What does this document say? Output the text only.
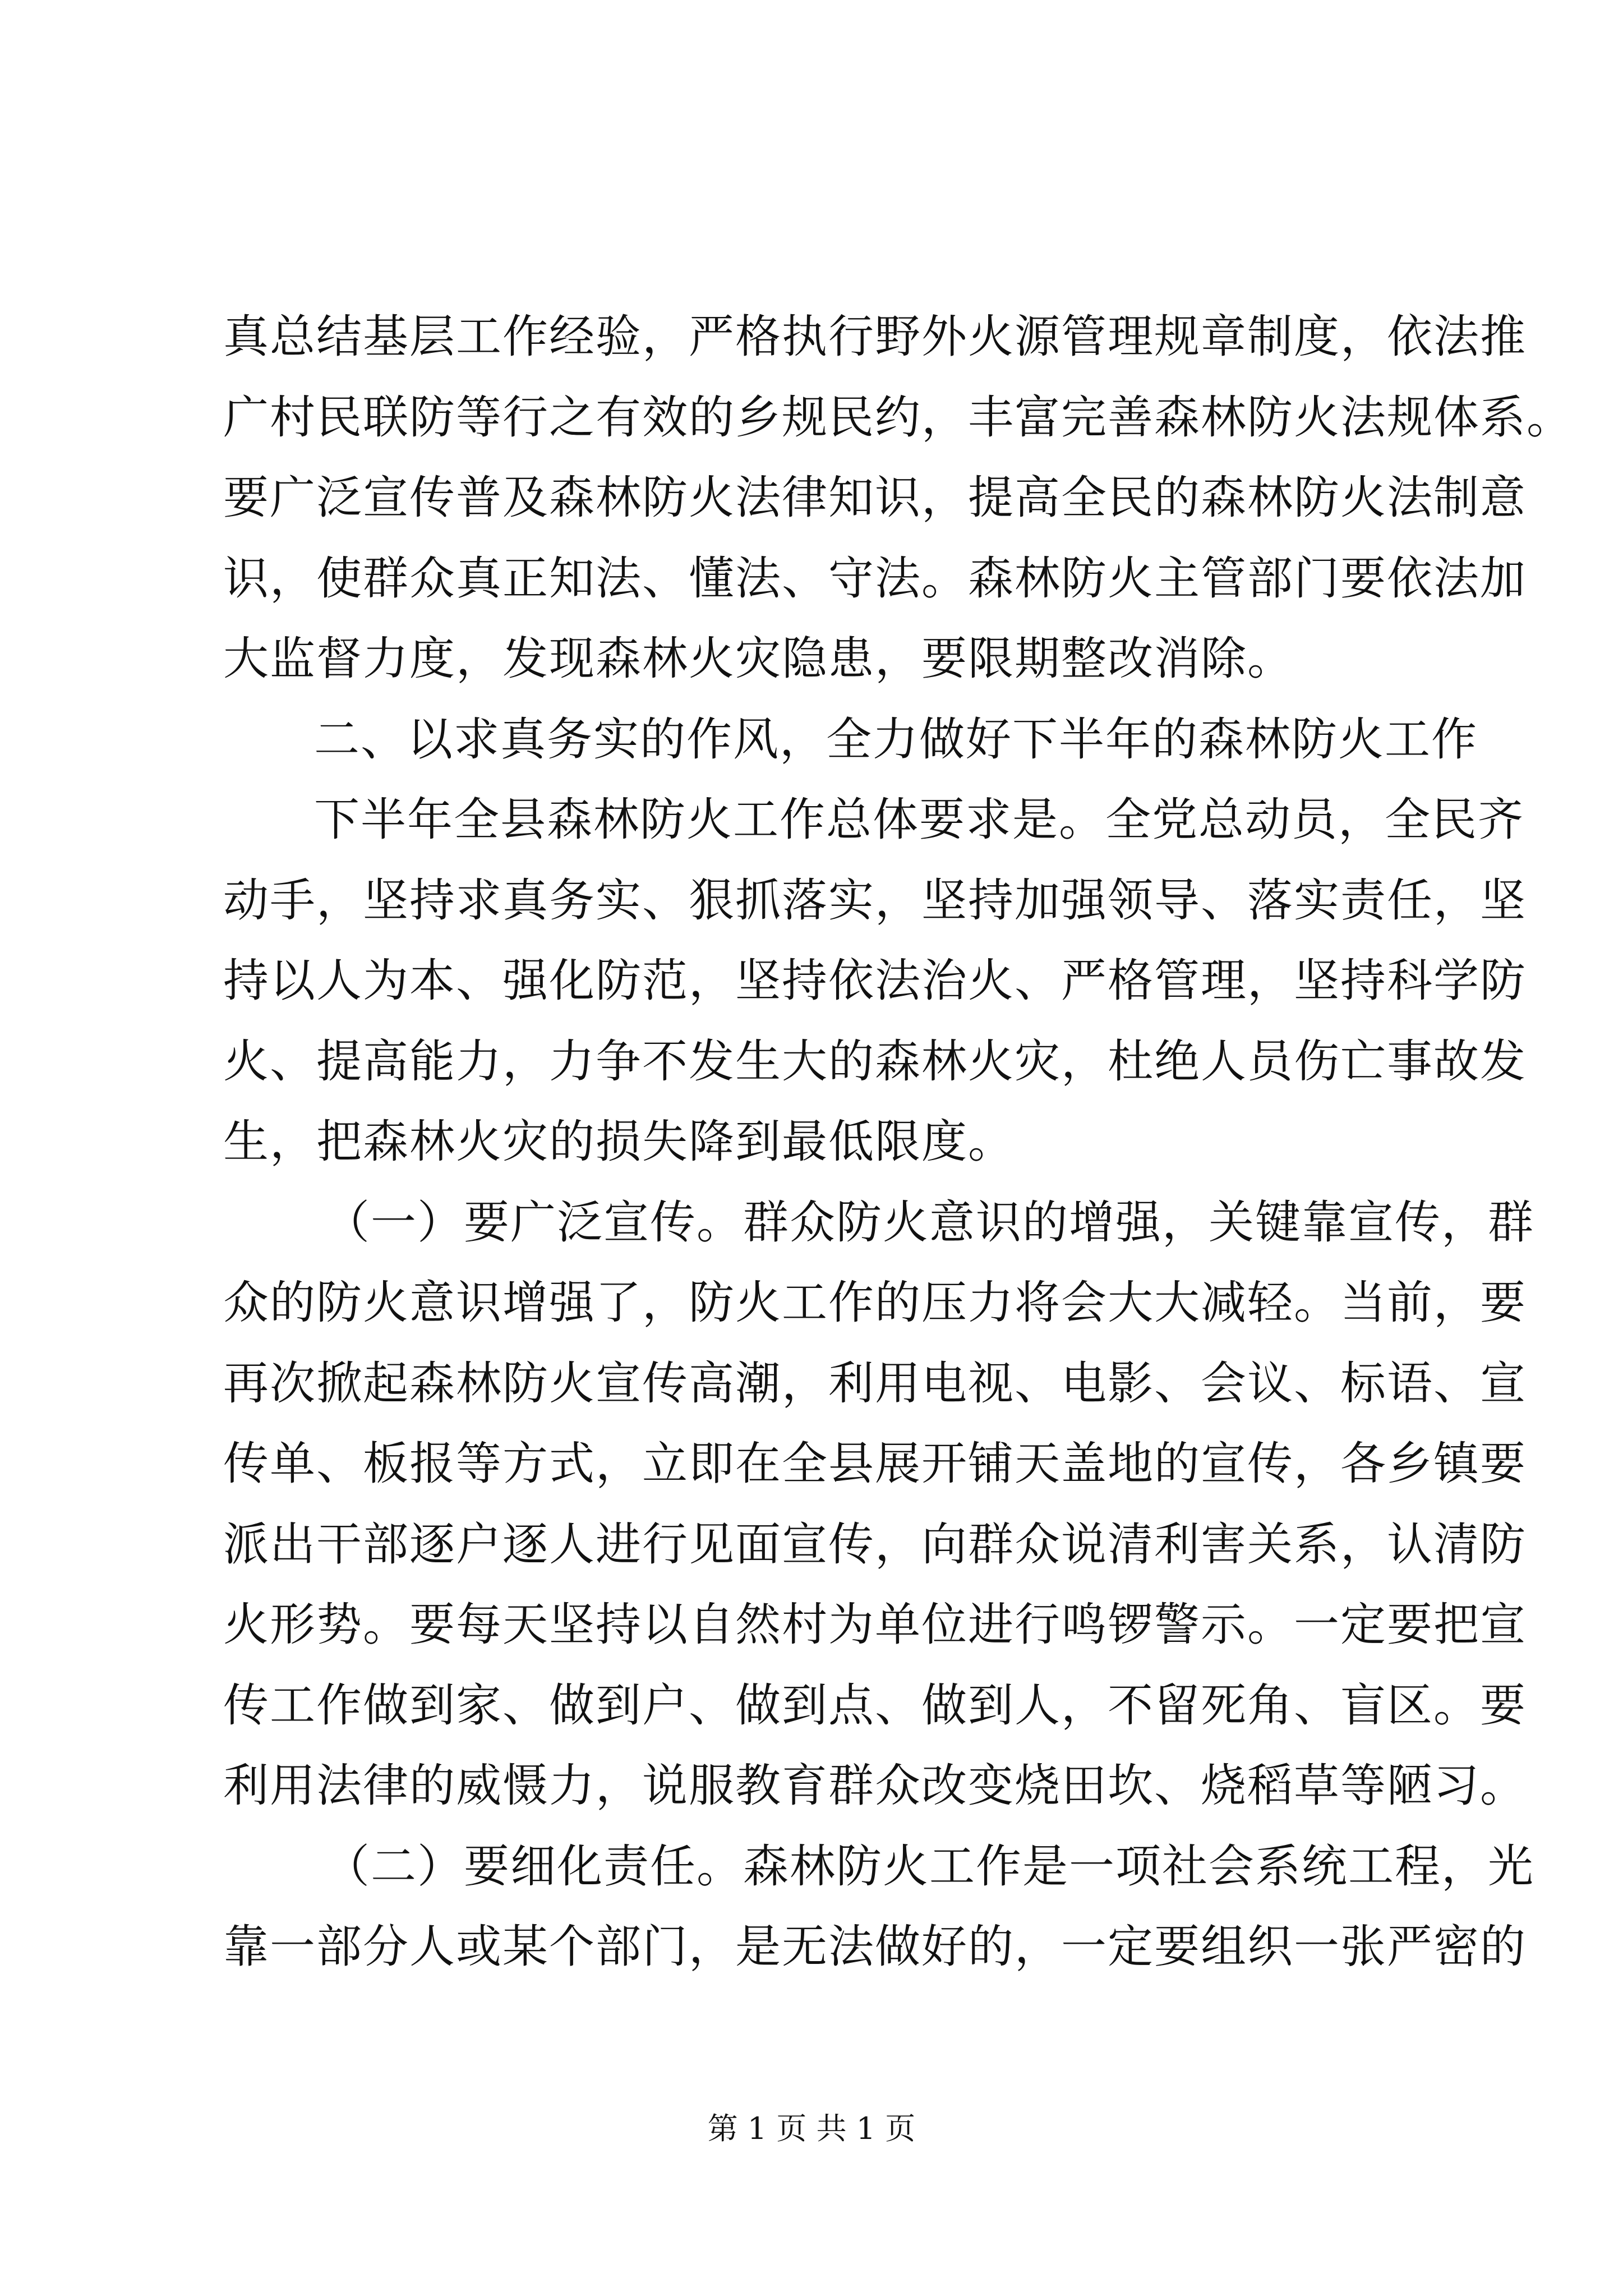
真总结基层工作经验，严格执行野外火源管理规章制度，依法推
广村民联防等行之有效的乡规民约，丰富完善森林防火法规体系。
要广泛宣传普及森林防火法律知识，提高全民的森林防火法制意
识，使群众真正知法、懂法、守法。森林防火主管部门要依法加
大监督力度，发现森林火灾隐患，要限期整改消除。
二、以求真务实的作风，全力做好下半年的森林防火工作
下半年全县森林防火工作总体要求是。全党总动员，全民齐
动手，坚持求真务实、狠抓落实，坚持加强领导、落实责任，坚
持以人为本、强化防范，坚持依法治火、严格管理，坚持科学防
火、提高能力，力争不发生大的森林火灾，杜绝人员伤亡事故发
生，把森林火灾的损失降到最低限度。
（一）要广泛宣传。群众防火意识的增强，关键靠宣传，群
众的防火意识增强了，防火工作的压力将会大大减轻。当前，要
再次掀起森林防火宣传高潮，利用电视、电影、会议、标语、宣
传单、板报等方式，立即在全县展开铺天盖地的宣传，各乡镇要
派出干部逐户逐人进行见面宣传，向群众说清利害关系，认清防
火形势。要每天坚持以自然村为单位进行鸣锣警示。一定要把宣
传工作做到家、做到户、做到点、做到人，不留死角、盲区。要
利用法律的威慑力，说服教育群众改变烧田坎、烧稻草等陋习。
（二）要细化责任。森林防火工作是一项社会系统工程，光
靠一部分人或某个部门，是无法做好的，一定要组织一张严密的
第 1 页 共 1 页
